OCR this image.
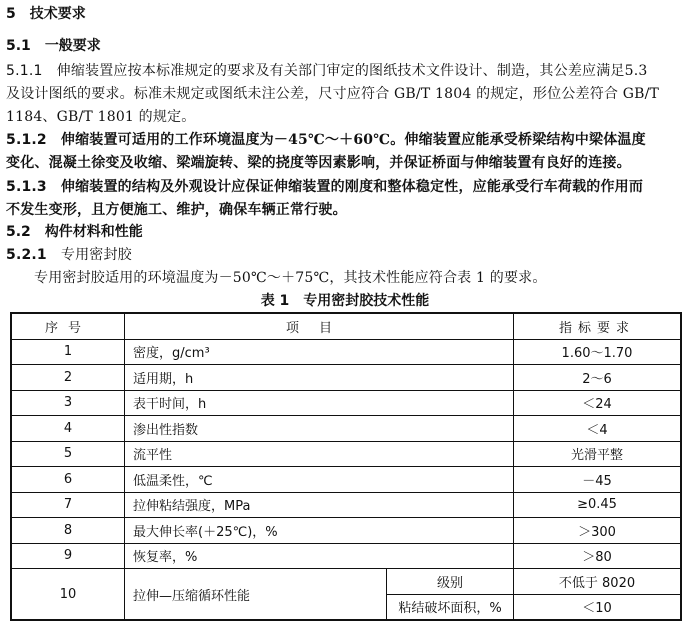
5 技术要求
5.1 一般要求
5.1.1 伸缩装置应按本标准规定的要求及有关部门审定的图纸技术文件设计、制造，其公差应满足5.3
及设计图纸的要求。标准未规定或图纸未注公差，尺寸应符合 GB/T 1804 的规定，形位公差符合 GB/T
1184、GB/T 1801 的规定。
5.1.2 伸缩装置可适用的工作环境温度为－45℃～＋60℃。伸缩装置应能承受桥梁结构中梁体温度
变化、混凝土徐变及收缩、梁端旋转、梁的挠度等因素影响，并保证桥面与伸缩装置有良好的连接。
5.1.3 伸缩装置的结构及外观设计应保证伸缩装置的刚度和整体稳定性，应能承受行车荷载的作用而
不发生变形，且方便施工、维护，确保车辆正常行驶。
5.2 构件材料和性能
5.2.1 专用密封胶
专用密封胶适用的环境温度为－50℃～＋75℃，其技术性能应符合表 1 的要求。
表 1　专用密封胶技术性能
序号	项目		指标要求
1	密度，g/cm³		1.60～1.70
2	适用期，h		2～6
3	表干时间，h		＜24
4	渗出性指数		＜4
5	流平性		光滑平整
6	低温柔性，℃		－45
7	拉伸粘结强度，MPa		≥0.45
8	最大伸长率(＋25℃)，%		＞300
9	恢复率，%		＞80
10	拉伸—压缩循环性能	级别	不低于 8020
		粘结破坏面积，%	＜10
